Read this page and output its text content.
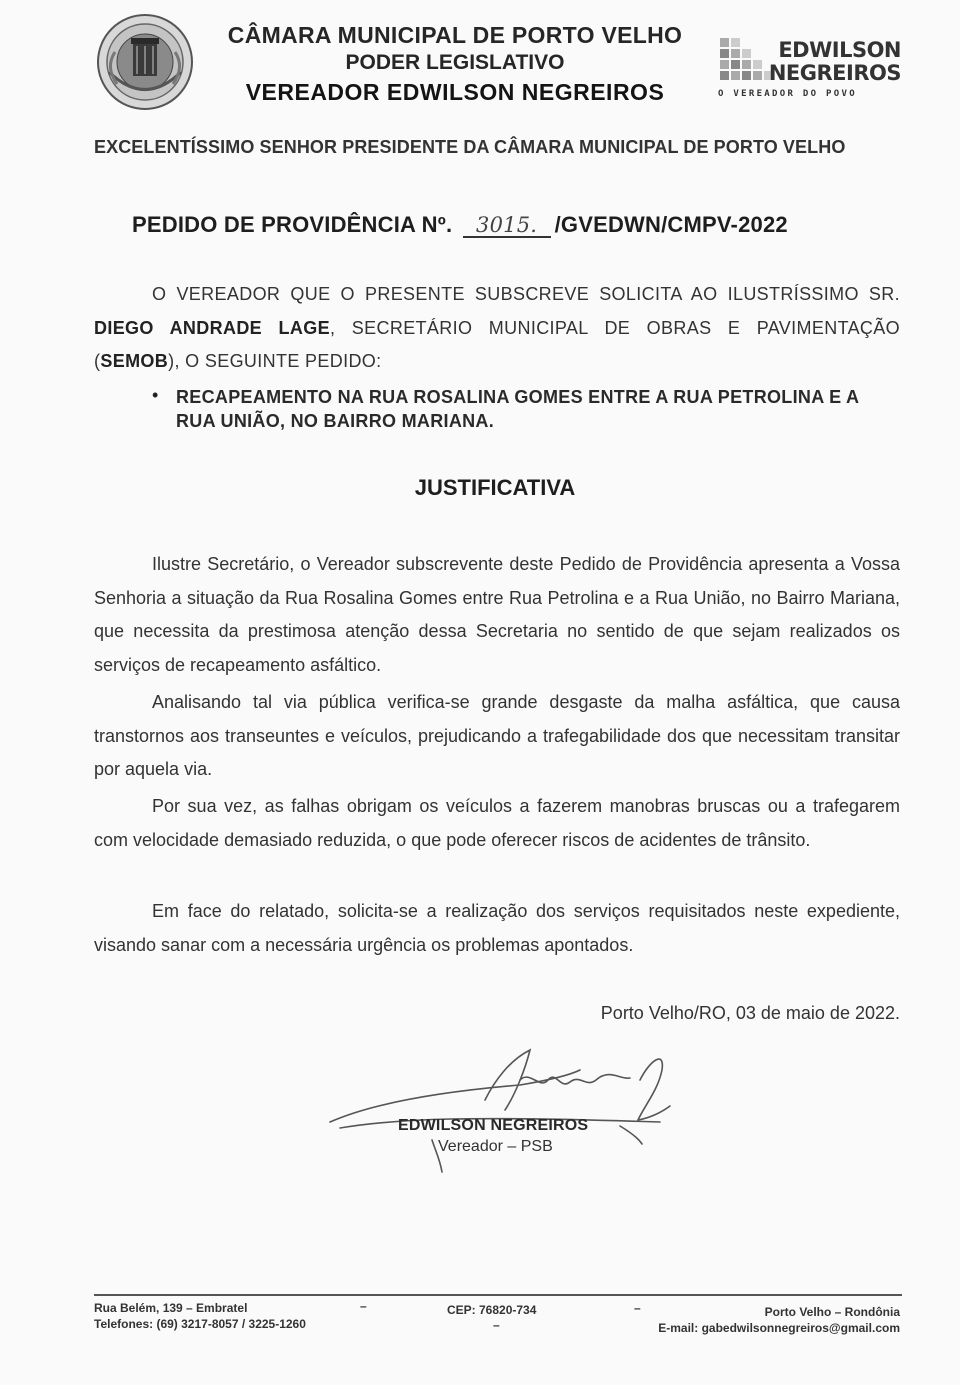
CÂMARA MUNICIPAL DE PORTO VELHO
PODER LEGISLATIVO
VEREADOR EDWILSON NEGREIROS
EDWILSON
NEGREIROS
O VEREADOR DO POVO
EXCELENTÍSSIMO SENHOR PRESIDENTE DA CÂMARA MUNICIPAL DE PORTO VELHO
PEDIDO DE PROVIDÊNCIA Nº. 3015. /GVEDWN/CMPV-2022
O VEREADOR QUE O PRESENTE SUBSCREVE SOLICITA AO ILUSTRÍSSIMO SR. DIEGO ANDRADE LAGE, SECRETÁRIO MUNICIPAL DE OBRAS E PAVIMENTAÇÃO (SEMOB), O SEGUINTE PEDIDO:
• RECAPEAMENTO NA RUA ROSALINA GOMES ENTRE A RUA PETROLINA E A RUA UNIÃO, NO BAIRRO MARIANA.
JUSTIFICATIVA
Ilustre Secretário, o Vereador subscrevente deste Pedido de Providência apresenta a Vossa Senhoria a situação da Rua Rosalina Gomes entre Rua Petrolina e a Rua União, no Bairro Mariana, que necessita da prestimosa atenção dessa Secretaria no sentido de que sejam realizados os serviços de recapeamento asfáltico.
Analisando tal via pública verifica-se grande desgaste da malha asfáltica, que causa transtornos aos transeuntes e veículos, prejudicando a trafegabilidade dos que necessitam transitar por aquela via.
Por sua vez, as falhas obrigam os veículos a fazerem manobras bruscas ou a trafegarem com velocidade demasiado reduzida, o que pode oferecer riscos de acidentes de trânsito.
Em face do relatado, solicita-se a realização dos serviços requisitados neste expediente, visando sanar com a necessária urgência os problemas apontados.
Porto Velho/RO, 03 de maio de 2022.
EDWILSON NEGREIROS
Vereador – PSB
Rua Belém, 139 – Embratel
Telefones: (69) 3217-8057 / 3225-1260
–	CEP: 76820-734
–
–	Porto Velho – Rondônia
E-mail: gabedwilsonnegreiros@gmail.com
